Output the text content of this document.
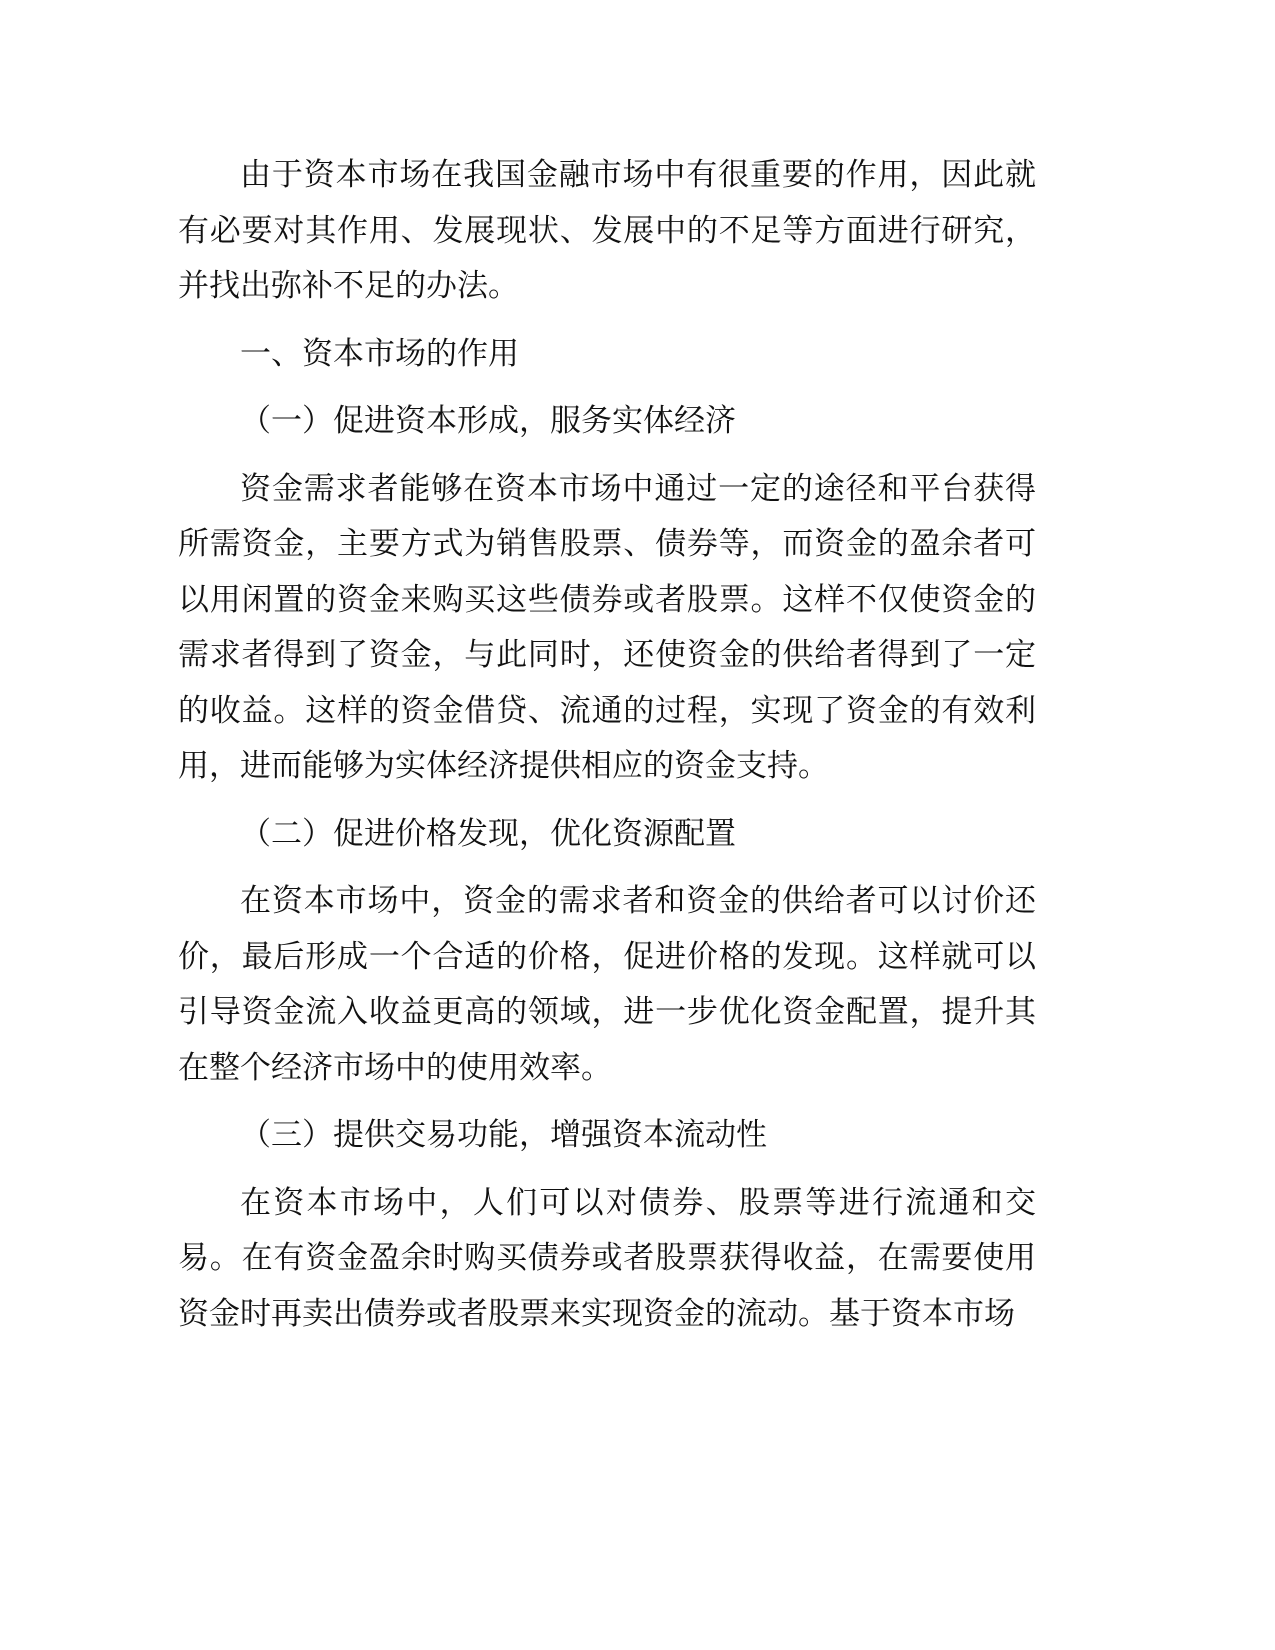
由于资本市场在我国金融市场中有很重要的作用，因此就有必要对其作用、发展现状、发展中的不足等方面进行研究，并找出弥补不足的办法。

一、资本市场的作用

（一）促进资本形成，服务实体经济

资金需求者能够在资本市场中通过一定的途径和平台获得所需资金，主要方式为销售股票、债券等，而资金的盈余者可以用闲置的资金来购买这些债券或者股票。这样不仅使资金的需求者得到了资金，与此同时，还使资金的供给者得到了一定的收益。这样的资金借贷、流通的过程，实现了资金的有效利用，进而能够为实体经济提供相应的资金支持。

（二）促进价格发现，优化资源配置

在资本市场中，资金的需求者和资金的供给者可以讨价还价，最后形成一个合适的价格，促进价格的发现。这样就可以引导资金流入收益更高的领域，进一步优化资金配置，提升其在整个经济市场中的使用效率。

（三）提供交易功能，增强资本流动性

在资本市场中，人们可以对债券、股票等进行流通和交易。在有资金盈余时购买债券或者股票获得收益，在需要使用资金时再卖出债券或者股票来实现资金的流动。基于资本市场
